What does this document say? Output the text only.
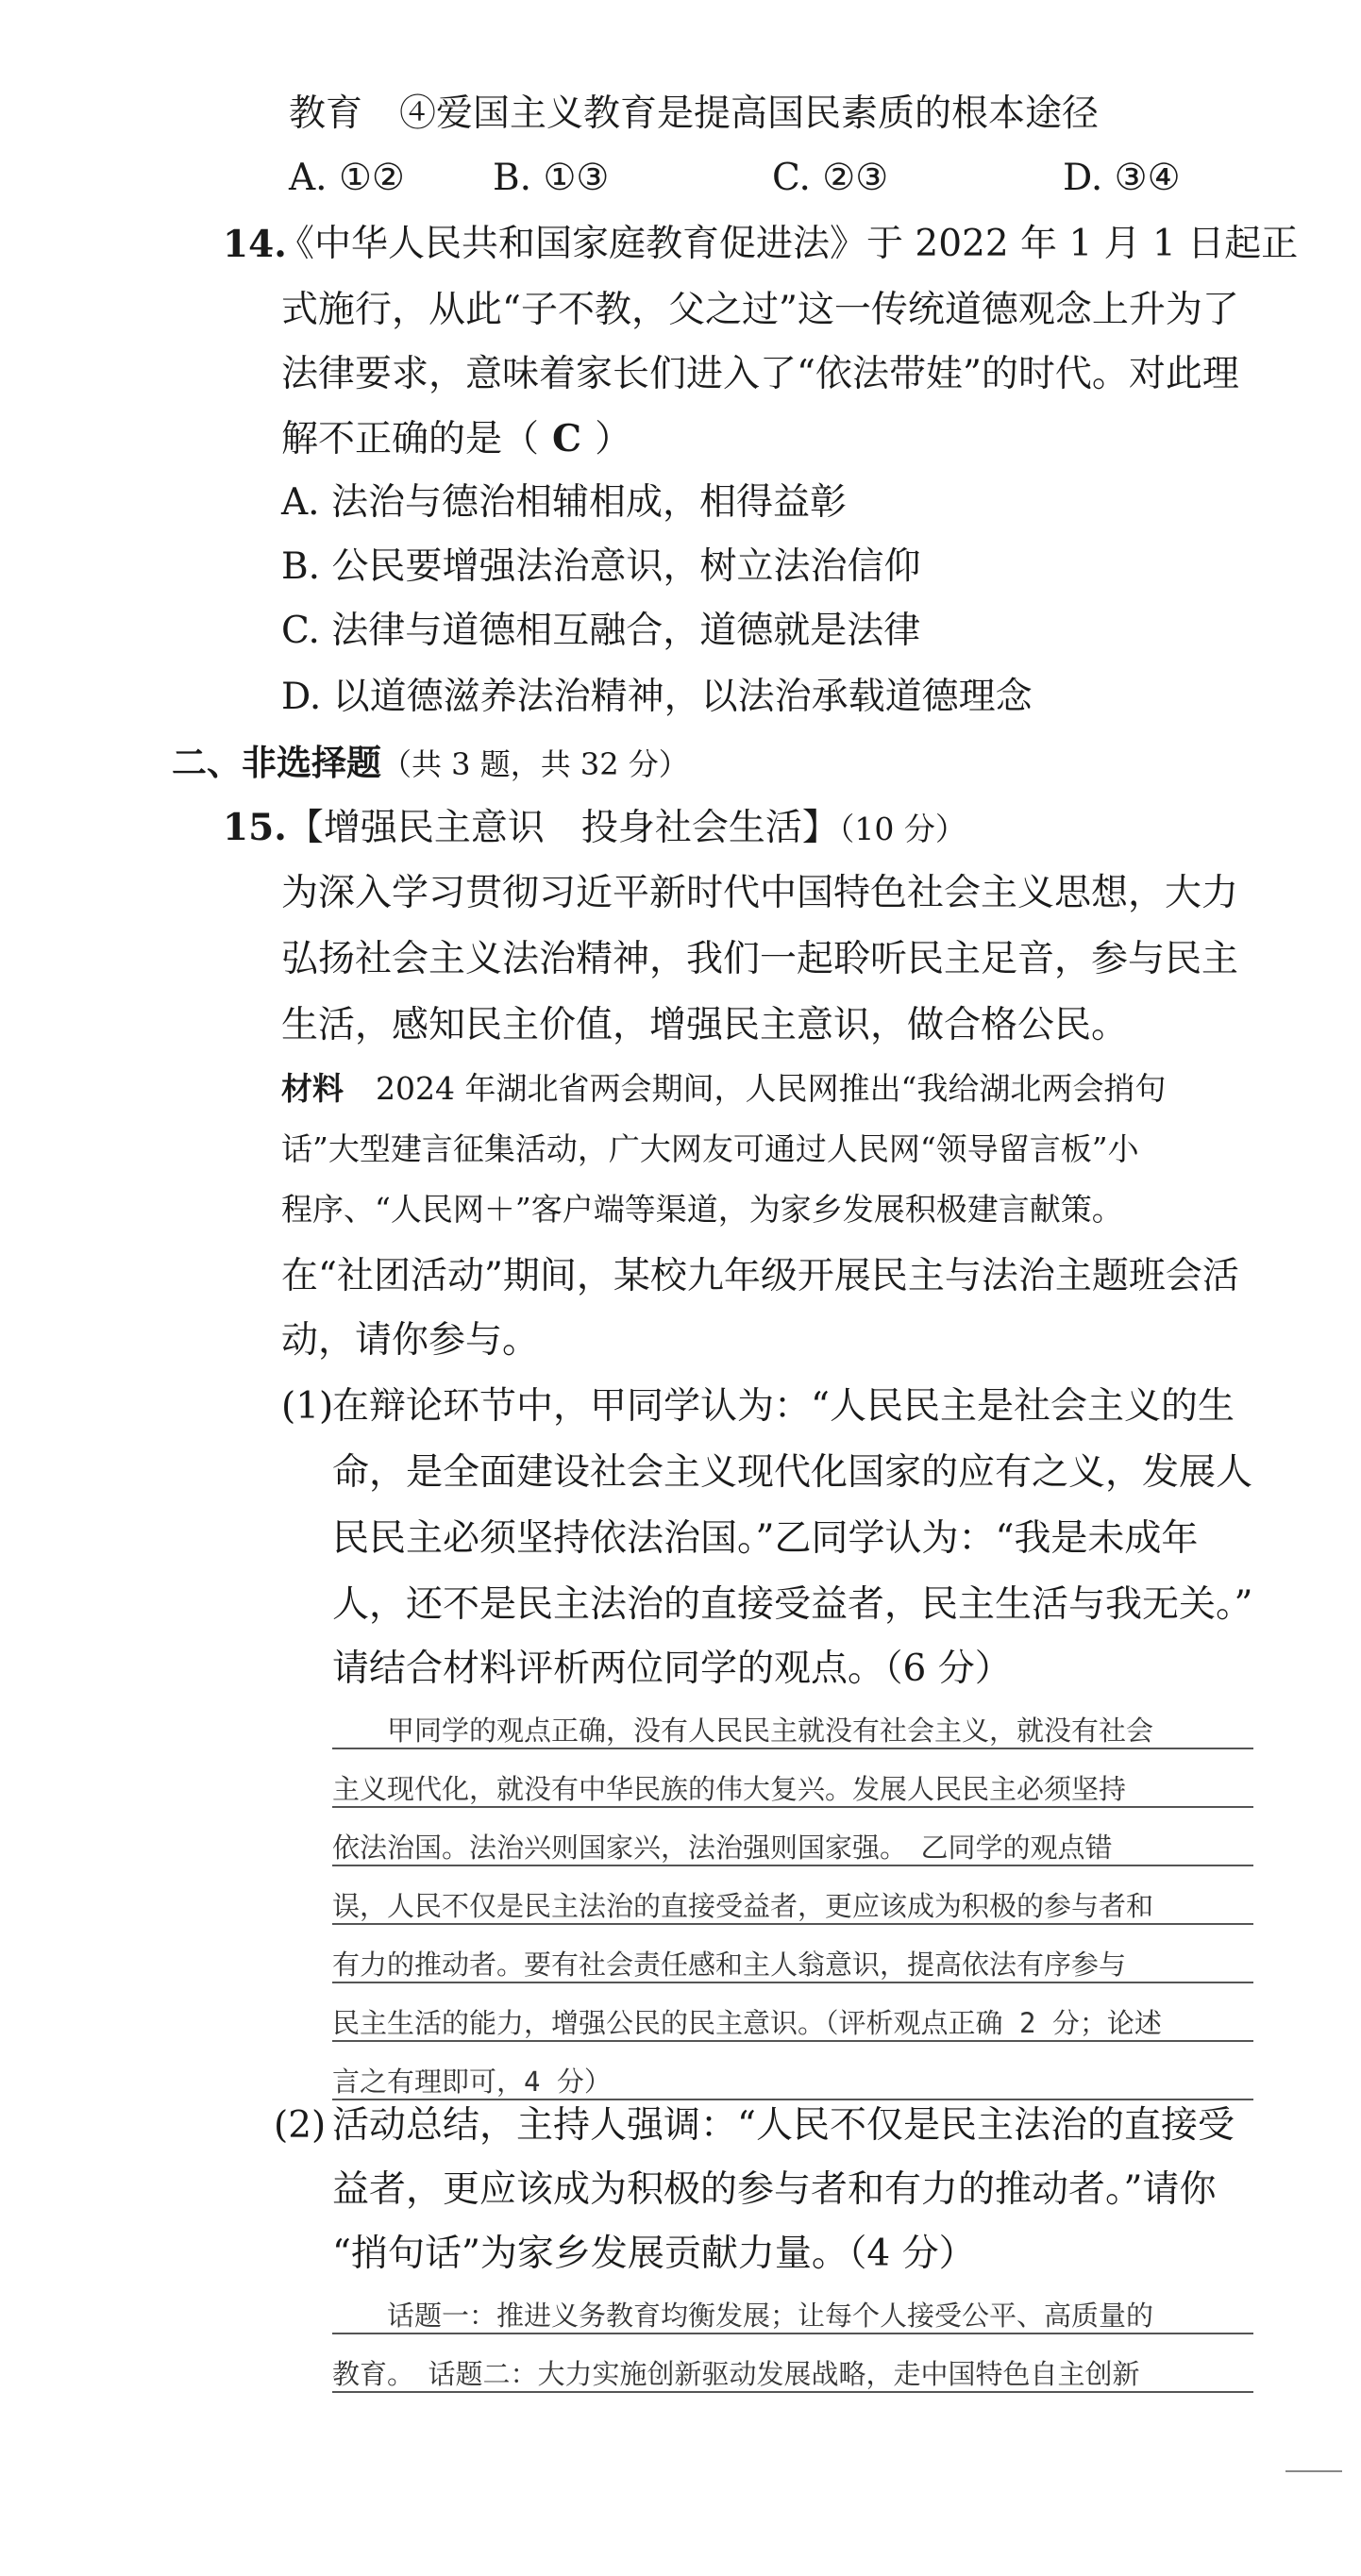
教育　④爱国主义教育是提高国民素质的根本途径
A. ①② B. ①③	C. ②③	D. ③④
14.
《中华人民共和国家庭教育促进法》于 2022 年 1 月 1 日起正
式施行，从此“子不教，父之过”这一传统道德观念上升为了
法律要求，意味着家长们进入了“依法带娃”的时代。对此理
解不正确的是（ C ）
A. 法治与德治相辅相成，相得益彰
B. 公民要增强法治意识，树立法治信仰
C. 法律与道德相互融合，道德就是法律
D. 以道德滋养法治精神，以法治承载道德理念
二、非选择题（共 3 题，共 32 分）
15.【增强民主意识　投身社会生活】（10 分）
为深入学习贯彻习近平新时代中国特色社会主义思想，大力
弘扬社会主义法治精神，我们一起聆听民主足音，参与民主
生活，感知民主价值，增强民主意识，做合格公民。
材料 2024 年湖北省两会期间，人民网推出“我给湖北两会捎句
话”大型建言征集活动，广大网友可通过人民网“领导留言板”小
程序、“人民网＋”客户端等渠道，为家乡发展积极建言献策。
在“社团活动”期间，某校九年级开展民主与法治主题班会活
动，请你参与。
(1)
在辩论环节中，甲同学认为：“人民民主是社会主义的生
命，是全面建设社会主义现代化国家的应有之义，发展人
民民主必须坚持依法治国。”乙同学认为：“我是未成年
人，还不是民主法治的直接受益者，民主生活与我无关。”
请结合材料评析两位同学的观点。（6 分）
　　甲同学的观点正确，没有人民民主就没有社会主义，就没有社会
主义现代化，就没有中华民族的伟大复兴。发展人民民主必须坚持
依法治国。法治兴则国家兴，法治强则国家强。　乙同学的观点错
误，人民不仅是民主法治的直接受益者，更应该成为积极的参与者和
有力的推动者。要有社会责任感和主人翁意识，提高依法有序参与
民主生活的能力，增强公民的民主意识。（评析观点正确 2 分；论述
言之有理即可，4 分）
(2) 活动总结，主持人强调：“人民不仅是民主法治的直接受
益者，更应该成为积极的参与者和有力的推动者。”请你
“捎句话”为家乡发展贡献力量。（4 分）
　　话题一：推进义务教育均衡发展；让每个人接受公平、高质量的
教育。　话题二：大力实施创新驱动发展战略，走中国特色自主创新
